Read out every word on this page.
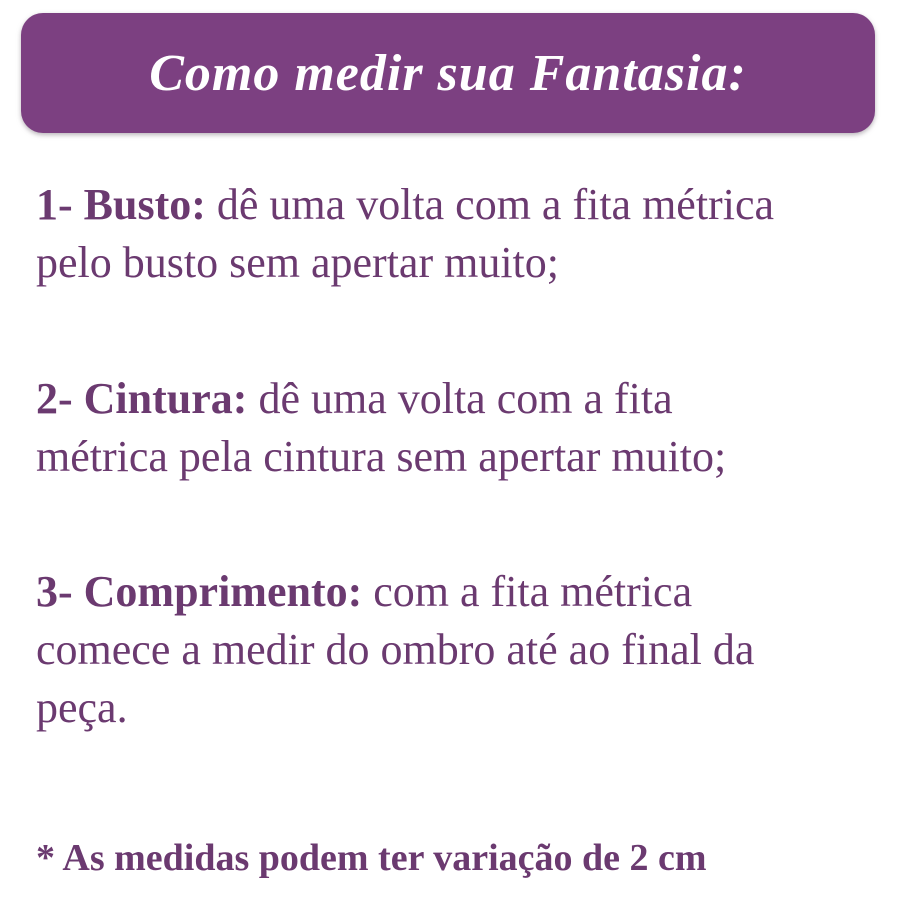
Como medir sua Fantasia:
1- Busto: dê uma volta com a fita métrica
pelo busto sem apertar muito;
2- Cintura: dê uma volta com a fita
métrica pela cintura sem apertar muito;
3- Comprimento: com a fita métrica
comece a medir do ombro até ao final da
peça.
* As medidas podem ter variação de 2 cm
